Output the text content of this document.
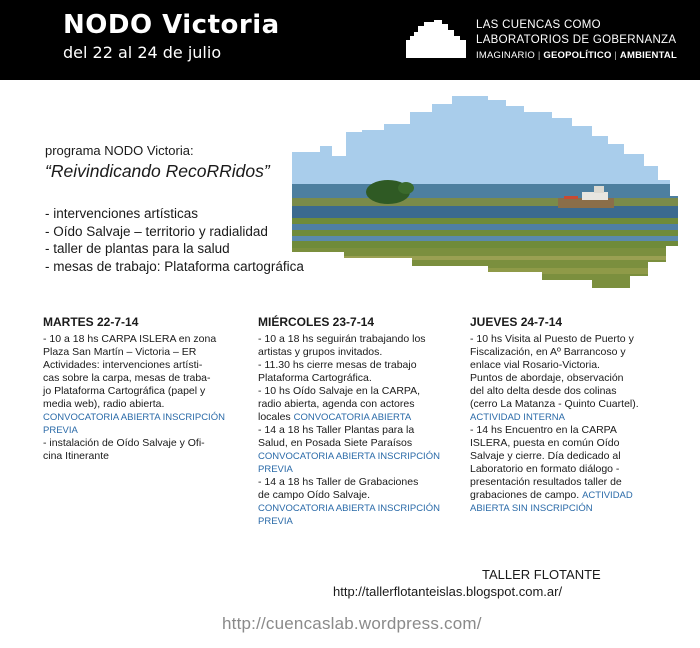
NODO Victoria
del 22 al 24 de julio
LAS CUENCAS COMO
LABORATORIOS DE GOBERNANZA
IMAGINARIO | GEOPOLÍTICO | AMBIENTAL
programa NODO Victoria:
“Reivindicando RecoRRidos”
- intervenciones artísticas
- Oído Salvaje – territorio y radialidad
- taller de plantas para la salud
- mesas de trabajo: Plataforma cartográfica
MARTES 22-7-14

- 10 a 18 hs CARPA ISLERA en zona

Plaza San Martín – Victoria – ER

Actividades: intervenciones artísti-

cas sobre la carpa, mesas de traba-

jo Plataforma Cartográfica (papel y

media web), radio abierta.

CONVOCATORIA ABIERTA INSCRIPCIÓN

PREVIA

- instalación de Oído Salvaje y Ofi-

cina Itinerante

MIÉRCOLES 23-7-14

- 10 a 18 hs seguirán trabajando los

artistas y grupos invitados.

- 11.30 hs cierre mesas de trabajo

Plataforma Cartográfica.

- 10 hs Oído Salvaje en la CARPA,

radio abierta, agenda con actores

locales CONVOCATORIA ABIERTA

- 14 a 18 hs Taller Plantas para la

Salud, en Posada Siete Paraísos

CONVOCATORIA ABIERTA INSCRIPCIÓN

PREVIA

- 14 a 18 hs Taller de Grabaciones

de campo Oído Salvaje.

CONVOCATORIA ABIERTA INSCRIPCIÓN

PREVIA

JUEVES 24-7-14

- 10 hs Visita al Puesto de Puerto y

Fiscalización, en Aº Barrancoso y

enlace vial Rosario-Victoria.

Puntos de abordaje, observación

del alto delta desde dos colinas

(cerro La Matanza - Quinto Cuartel).

ACTIVIDAD INTERNA

- 14 hs Encuentro en la CARPA

ISLERA, puesta en común Oído

Salvaje y cierre. Día dedicado al

Laboratorio en formato diálogo -

presentación resultados taller de

grabaciones de campo. ACTIVIDAD

ABIERTA SIN INSCRIPCIÓN

TALLER FLOTANTE
http://tallerflotanteislas.blogspot.com.ar/
http://cuencaslab.wordpress.com/
